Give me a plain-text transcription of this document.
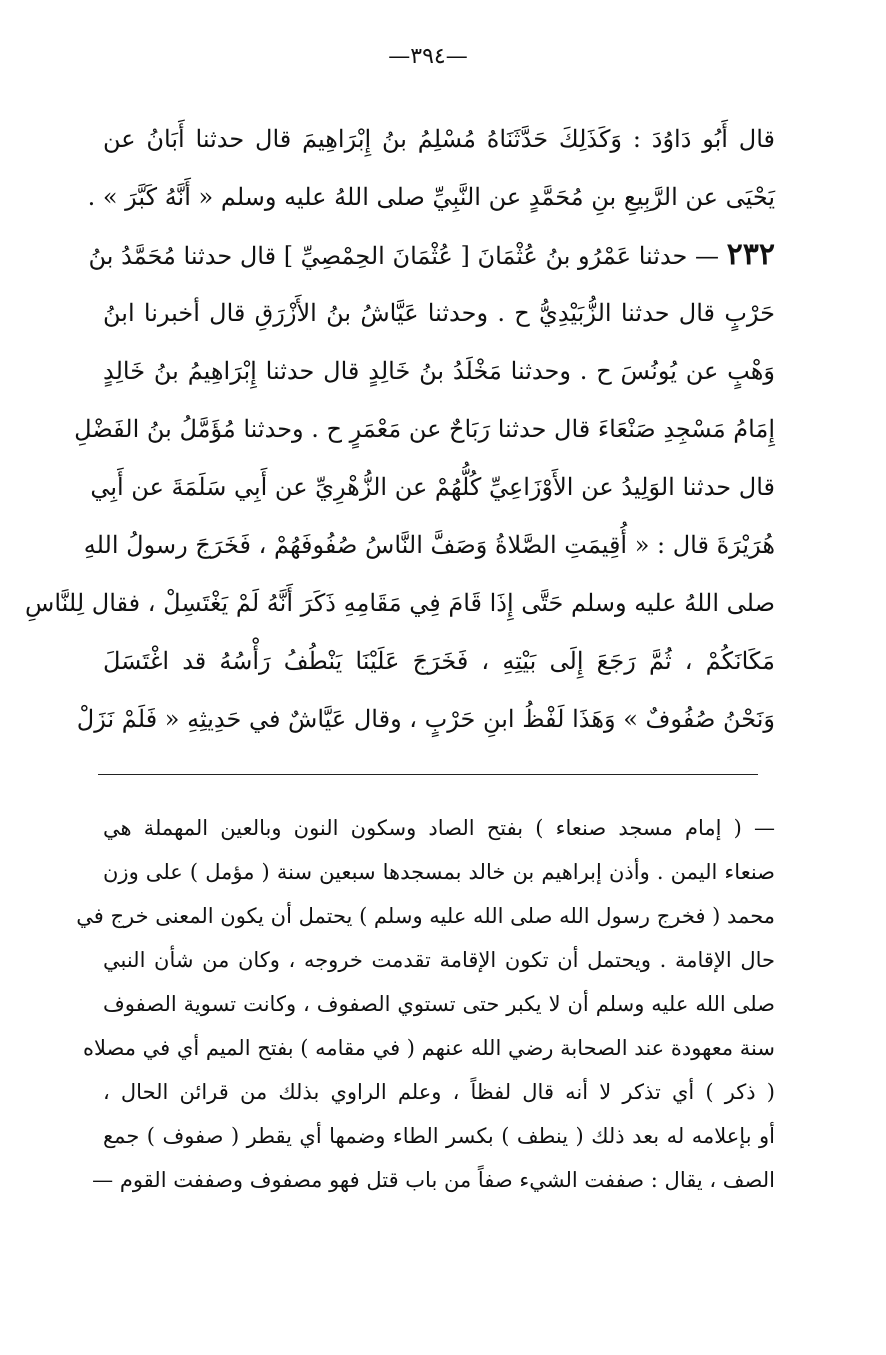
—٣٩٤—
قال أَبُو دَاوُدَ : وَكَذَلِكَ حَدَّثَنَاهُ مُسْلِمُ بنُ إِبْرَاهِيمَ قال حدثنا أَبَانُ عن
يَحْيَى عن الرَّبِيعِ بنِ مُحَمَّدٍ عن النَّبِيِّ صلى اللهُ عليه وسلم « أَنَّهُ كَبَّرَ » .
٢٣٢ — حدثنا عَمْرُو بنُ عُثْمَانَ [ عُثْمَانَ الحِمْصِيِّ ] قال حدثنا مُحَمَّدُ بنُ
حَرْبٍ قال حدثنا الزُّبَيْدِيُّ ح . وحدثنا عَيَّاشُ بنُ الأَزْرَقِ قال أخبرنا ابنُ
وَهْبٍ عن يُونُسَ ح . وحدثنا مَخْلَدُ بنُ خَالِدٍ قال حدثنا إِبْرَاهِيمُ بنُ خَالِدٍ
إِمَامُ مَسْجِدِ صَنْعَاءَ قال حدثنا رَبَاحٌ عن مَعْمَرٍ ح . وحدثنا مُؤَمَّلُ بنُ الفَضْلِ
قال حدثنا الوَلِيدُ عن الأَوْزَاعِيِّ كُلُّهُمْ عن الزُّهْرِيِّ عن أَبِي سَلَمَةَ عن أَبِي
هُرَيْرَةَ قال : « أُقِيمَتِ الصَّلاةُ وَصَفَّ النَّاسُ صُفُوفَهُمْ ، فَخَرَجَ رسولُ اللهِ
صلى اللهُ عليه وسلم حَتَّى إِذَا قَامَ فِي مَقَامِهِ ذَكَرَ أَنَّهُ لَمْ يَغْتَسِلْ ، فقال لِلنَّاسِ
مَكَانَكُمْ ، ثُمَّ رَجَعَ إِلَى بَيْتِهِ ، فَخَرَجَ عَلَيْنَا يَنْطُفُ رَأْسُهُ قد اغْتَسَلَ
وَنَحْنُ صُفُوفٌ » وَهَذَا لَفْظُ ابنِ حَرْبٍ ، وقال عَيَّاشٌ في حَدِيثِهِ « فَلَمْ نَزَلْ
— ( إمام مسجد صنعاء ) بفتح الصاد وسكون النون وبالعين المهملة هي
صنعاء اليمن . وأذن إبراهيم بن خالد بمسجدها سبعين سنة ( مؤمل ) على وزن
محمد ( فخرج رسول الله صلى الله عليه وسلم ) يحتمل أن يكون المعنى خرج في
حال الإقامة . ويحتمل أن تكون الإقامة تقدمت خروجه ، وكان من شأن النبي
صلى الله عليه وسلم أن لا يكبر حتى تستوي الصفوف ، وكانت تسوية الصفوف
سنة معهودة عند الصحابة رضي الله عنهم ( في مقامه ) بفتح الميم أي في مصلاه
( ذكر ) أي تذكر لا أنه قال لفظاً ، وعلم الراوي بذلك من قرائن الحال ،
أو بإعلامه له بعد ذلك ( ينطف ) بكسر الطاء وضمها أي يقطر ( صفوف ) جمع
الصف ، يقال : صففت الشيء صفاً من باب قتل فهو مصفوف وصففت القوم —
